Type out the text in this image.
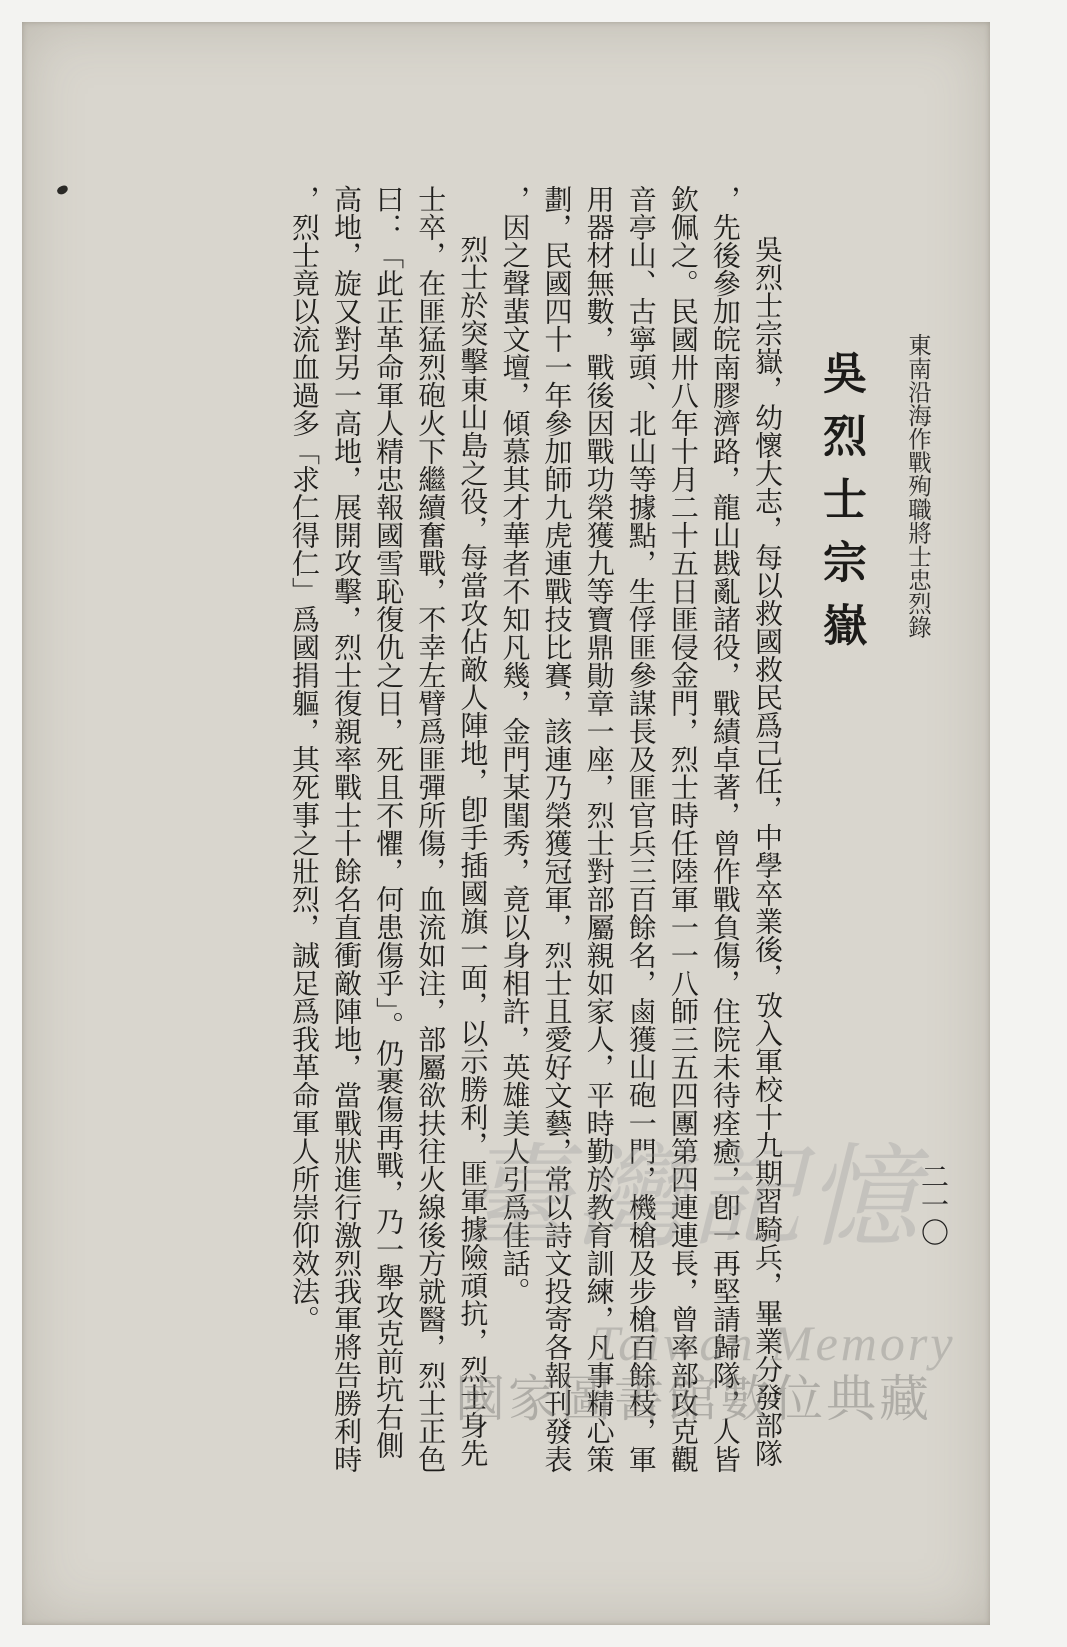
東南沿海作戰殉職將士忠烈錄
吳烈士宗嶽
吳烈士宗嶽，幼懷大志，每以救國救民爲己任，中學卒業後，攷入軍校十九期習騎兵，畢業分發部隊
，先後參加皖南膠濟路，龍山戡亂諸役，戰績卓著，曾作戰負傷，住院未待痊癒，卽一再堅請歸隊，人皆
欽佩之。民國卅八年十月二十五日匪侵金門，烈士時任陸軍一一八師三五四團第四連連長，曾率部攻克觀
音亭山、古寧頭、北山等據點，生俘匪參謀長及匪官兵三百餘名，鹵獲山砲一門，機槍及步槍百餘枝，軍
用器材無數，戰後因戰功榮獲九等寶鼎勛章一座，烈士對部屬親如家人，平時勤於教育訓練，凡事精心策
劃，民國四十一年參加師九虎連戰技比賽，該連乃榮獲冠軍，烈士且愛好文藝，常以詩文投寄各報刊發表
，因之聲蜚文壇，傾慕其才華者不知凡幾，金門某閨秀，竟以身相許，英雄美人引爲佳話。
烈士於突擊東山島之役，每當攻佔敵人陣地，卽手插國旗一面，以示勝利，匪軍據險頑抗，烈士身先
士卒，在匪猛烈砲火下繼續奮戰，不幸左臂爲匪彈所傷，血流如注，部屬欲扶往火線後方就醫，烈士正色
曰：「此正革命軍人精忠報國雪恥復仇之日，死且不懼，何患傷乎」。仍裹傷再戰，乃一舉攻克前坑右側
高地，旋又對另一高地，展開攻擊，烈士復親率戰士十餘名直衝敵陣地，當戰狀進行激烈我軍將告勝利時
，烈士竟以流血過多「求仁得仁」爲國捐軀，其死事之壯烈，誠足爲我革命軍人所崇仰效法。	二一〇
臺灣記憶
Taiwan Memory
國家圖書館數位典藏
